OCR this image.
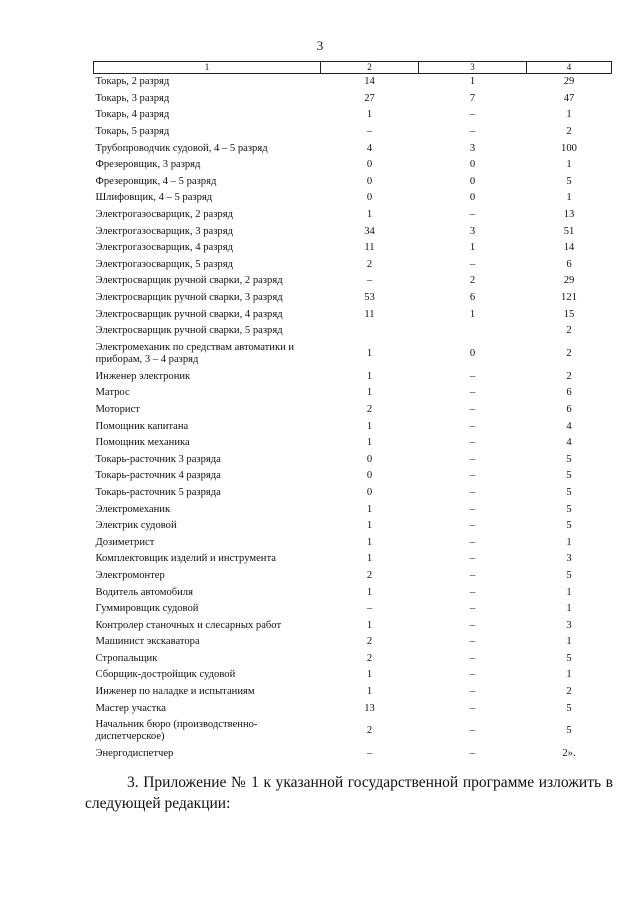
3
1	2	3	4
Токарь, 2 разряд	14	1	29
Токарь, 3 разряд	27	7	47
Токарь, 4 разряд	1	–	1
Токарь, 5 разряд	–	–	2
Трубопроводчик судовой, 4 – 5 разряд	4	3	100
Фрезеровщик, 3 разряд	0	0	1
Фрезеровщик, 4 – 5 разряд	0	0	5
Шлифовщик, 4 – 5 разряд	0	0	1
Электрогазосварщик, 2 разряд	1	–	13
Электрогазосварщик, 3 разряд	34	3	51
Электрогазосварщик, 4 разряд	11	1	14
Электрогазосварщик, 5 разряд	2	–	6
Электросварщик ручной сварки, 2 разряд	–	2	29
Электросварщик ручной сварки, 3 разряд	53	6	121
Электросварщик ручной сварки, 4 разряд	11	1	15
Электросварщик ручной сварки, 5 разряд			2
Электромеханик по средствам автоматики и приборам, 3 – 4 разряд	1	0	2
Инженер электроник	1	–	2
Матрос	1	–	6
Моторист	2	–	6
Помощник капитана	1	–	4
Помощник механика	1	–	4
Токарь-расточник 3 разряда	0	–	5
Токарь-расточник 4 разряда	0	–	5
Токарь-расточник 5 разряда	0	–	5
Электромеханик	1	–	5
Электрик судовой	1	–	5
Дозиметрист	1	–	1
Комплектовщик изделий и инструмента	1	–	3
Электромонтер	2	–	5
Водитель автомобиля	1	–	1
Гуммировщик судовой	–	–	1
Контролер станочных и слесарных работ	1	–	3
Машинист экскаватора	2	–	1
Стропальщик	2	–	5
Сборщик-достройщик судовой	1	–	1
Инженер по наладке и испытаниям	1	–	2
Мастер участка	13	–	5
Начальник бюро (производственно-диспетчерское)	2	–	5
Энергодиспетчер	–	–	2».
3. Приложение № 1 к указанной государственной программе изложить в следующей редакции:
